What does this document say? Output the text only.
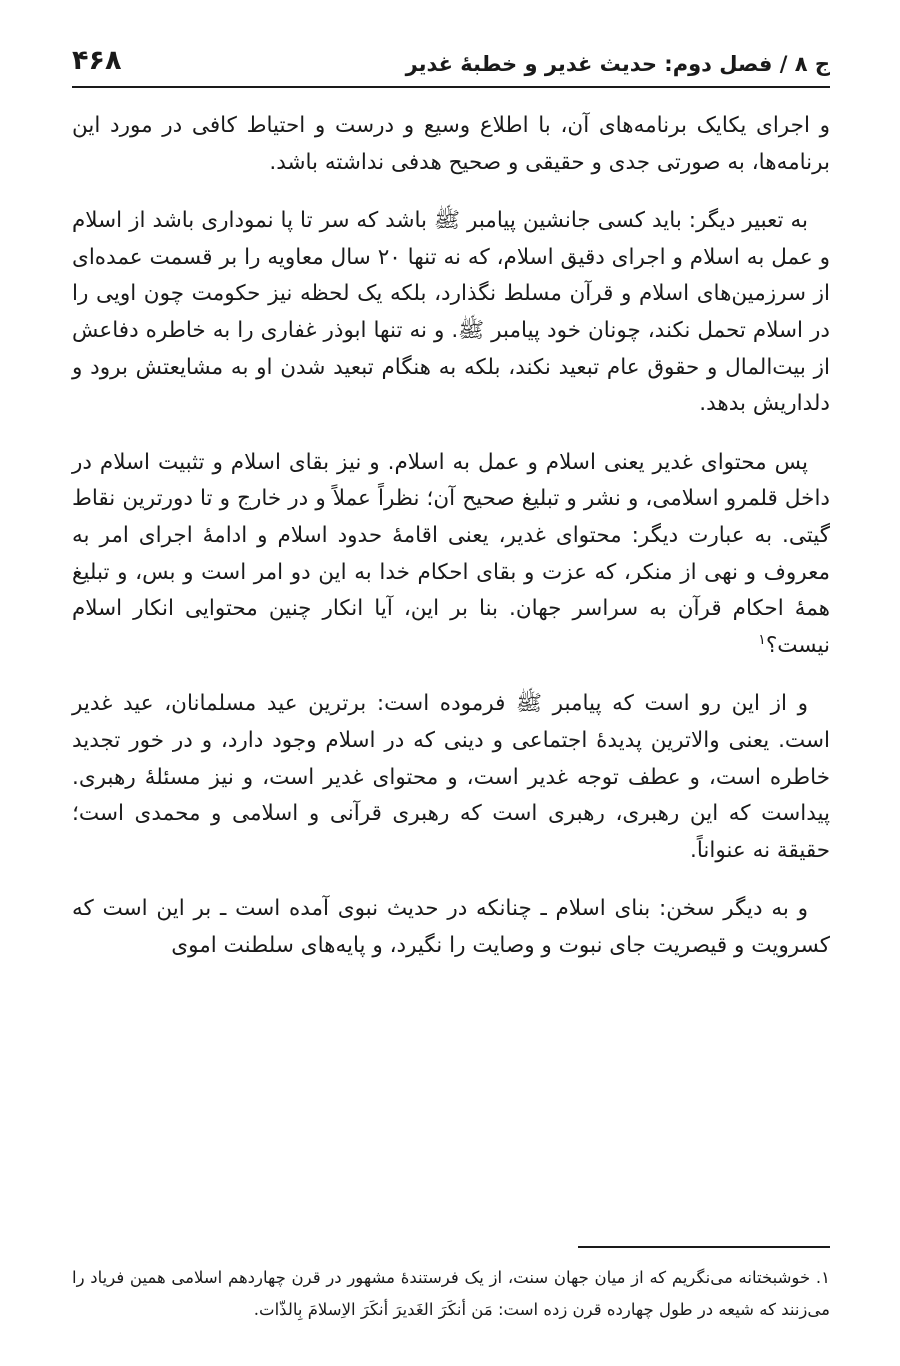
ج ۸ / فصل دوم: حدیث غدیر و خطبهٔ غدیر
۴۶۸

و اجرای یکایک برنامه‌های آن، با اطلاع وسیع و درست و احتیاط کافی در مورد این برنامه‌ها، به صورتی جدی و حقیقی و صحیح هدفی نداشته باشد.

به تعبیر دیگر: باید کسی جانشین پیامبر ﷺ باشد که سر تا پا نموداری باشد از اسلام و عمل به اسلام و اجرای دقیق اسلام، که نه تنها ۲۰ سال معاویه را بر قسمت عمده‌ای از سرزمین‌های اسلام و قرآن مسلط نگذارد، بلکه یک لحظه نیز حکومت چون اویی را در اسلام تحمل نکند، چونان خود پیامبر ﷺ. و نه تنها ابوذر غفاری را به خاطره دفاعش از بیت‌المال و حقوق عام تبعید نکند، بلکه به هنگام تبعید شدن او به مشایعتش برود و دلداریش بدهد.

پس محتوای غدیر یعنی اسلام و عمل به اسلام. و نیز بقای اسلام و تثبیت اسلام در داخل قلمرو اسلامی، و نشر و تبلیغ صحیح آن؛ نظراً عملاً و در خارج و تا دورترین نقاط گیتی. به عبارت دیگر: محتوای غدیر، یعنی اقامهٔ حدود اسلام و ادامهٔ اجرای امر به معروف و نهی از منکر، که عزت و بقای احکام خدا به این دو امر است و بس، و تبلیغ همهٔ احکام قرآن به سراسر جهان. بنا بر این، آیا انکار چنین محتوایی انکار اسلام نیست؟$^۱$

و از این رو است که پیامبر ﷺ فرموده است: برترین عید مسلمانان، عید غدیر است. یعنی والاترین پدیدهٔ اجتماعی و دینی که در اسلام وجود دارد، و در خور تجدید خاطره است، و عطف توجه غدیر است، و محتوای غدیر است، و نیز مسئلهٔ رهبری. پیداست که این رهبری، رهبری است که رهبری قرآنی و اسلامی و محمدی است؛ حقیقة نه عنواناً.

و به دیگر سخن: بنای اسلام ـ چنانکه در حدیث نبوی آمده است ـ بر این است که کسرویت و قیصریت جای نبوت و وصایت را نگیرد، و پایه‌های سلطنت اموی

۱. خوشبختانه می‌نگریم که از میان جهان سنت، از یک فرستندهٔ مشهور در قرن چهاردهم اسلامی همین فریاد را می‌زنند که شیعه در طول چهارده قرن زده است: مَن أنکَرَ الغَدیرَ أنکَرَ الاِسلامَ بِالذّات.
